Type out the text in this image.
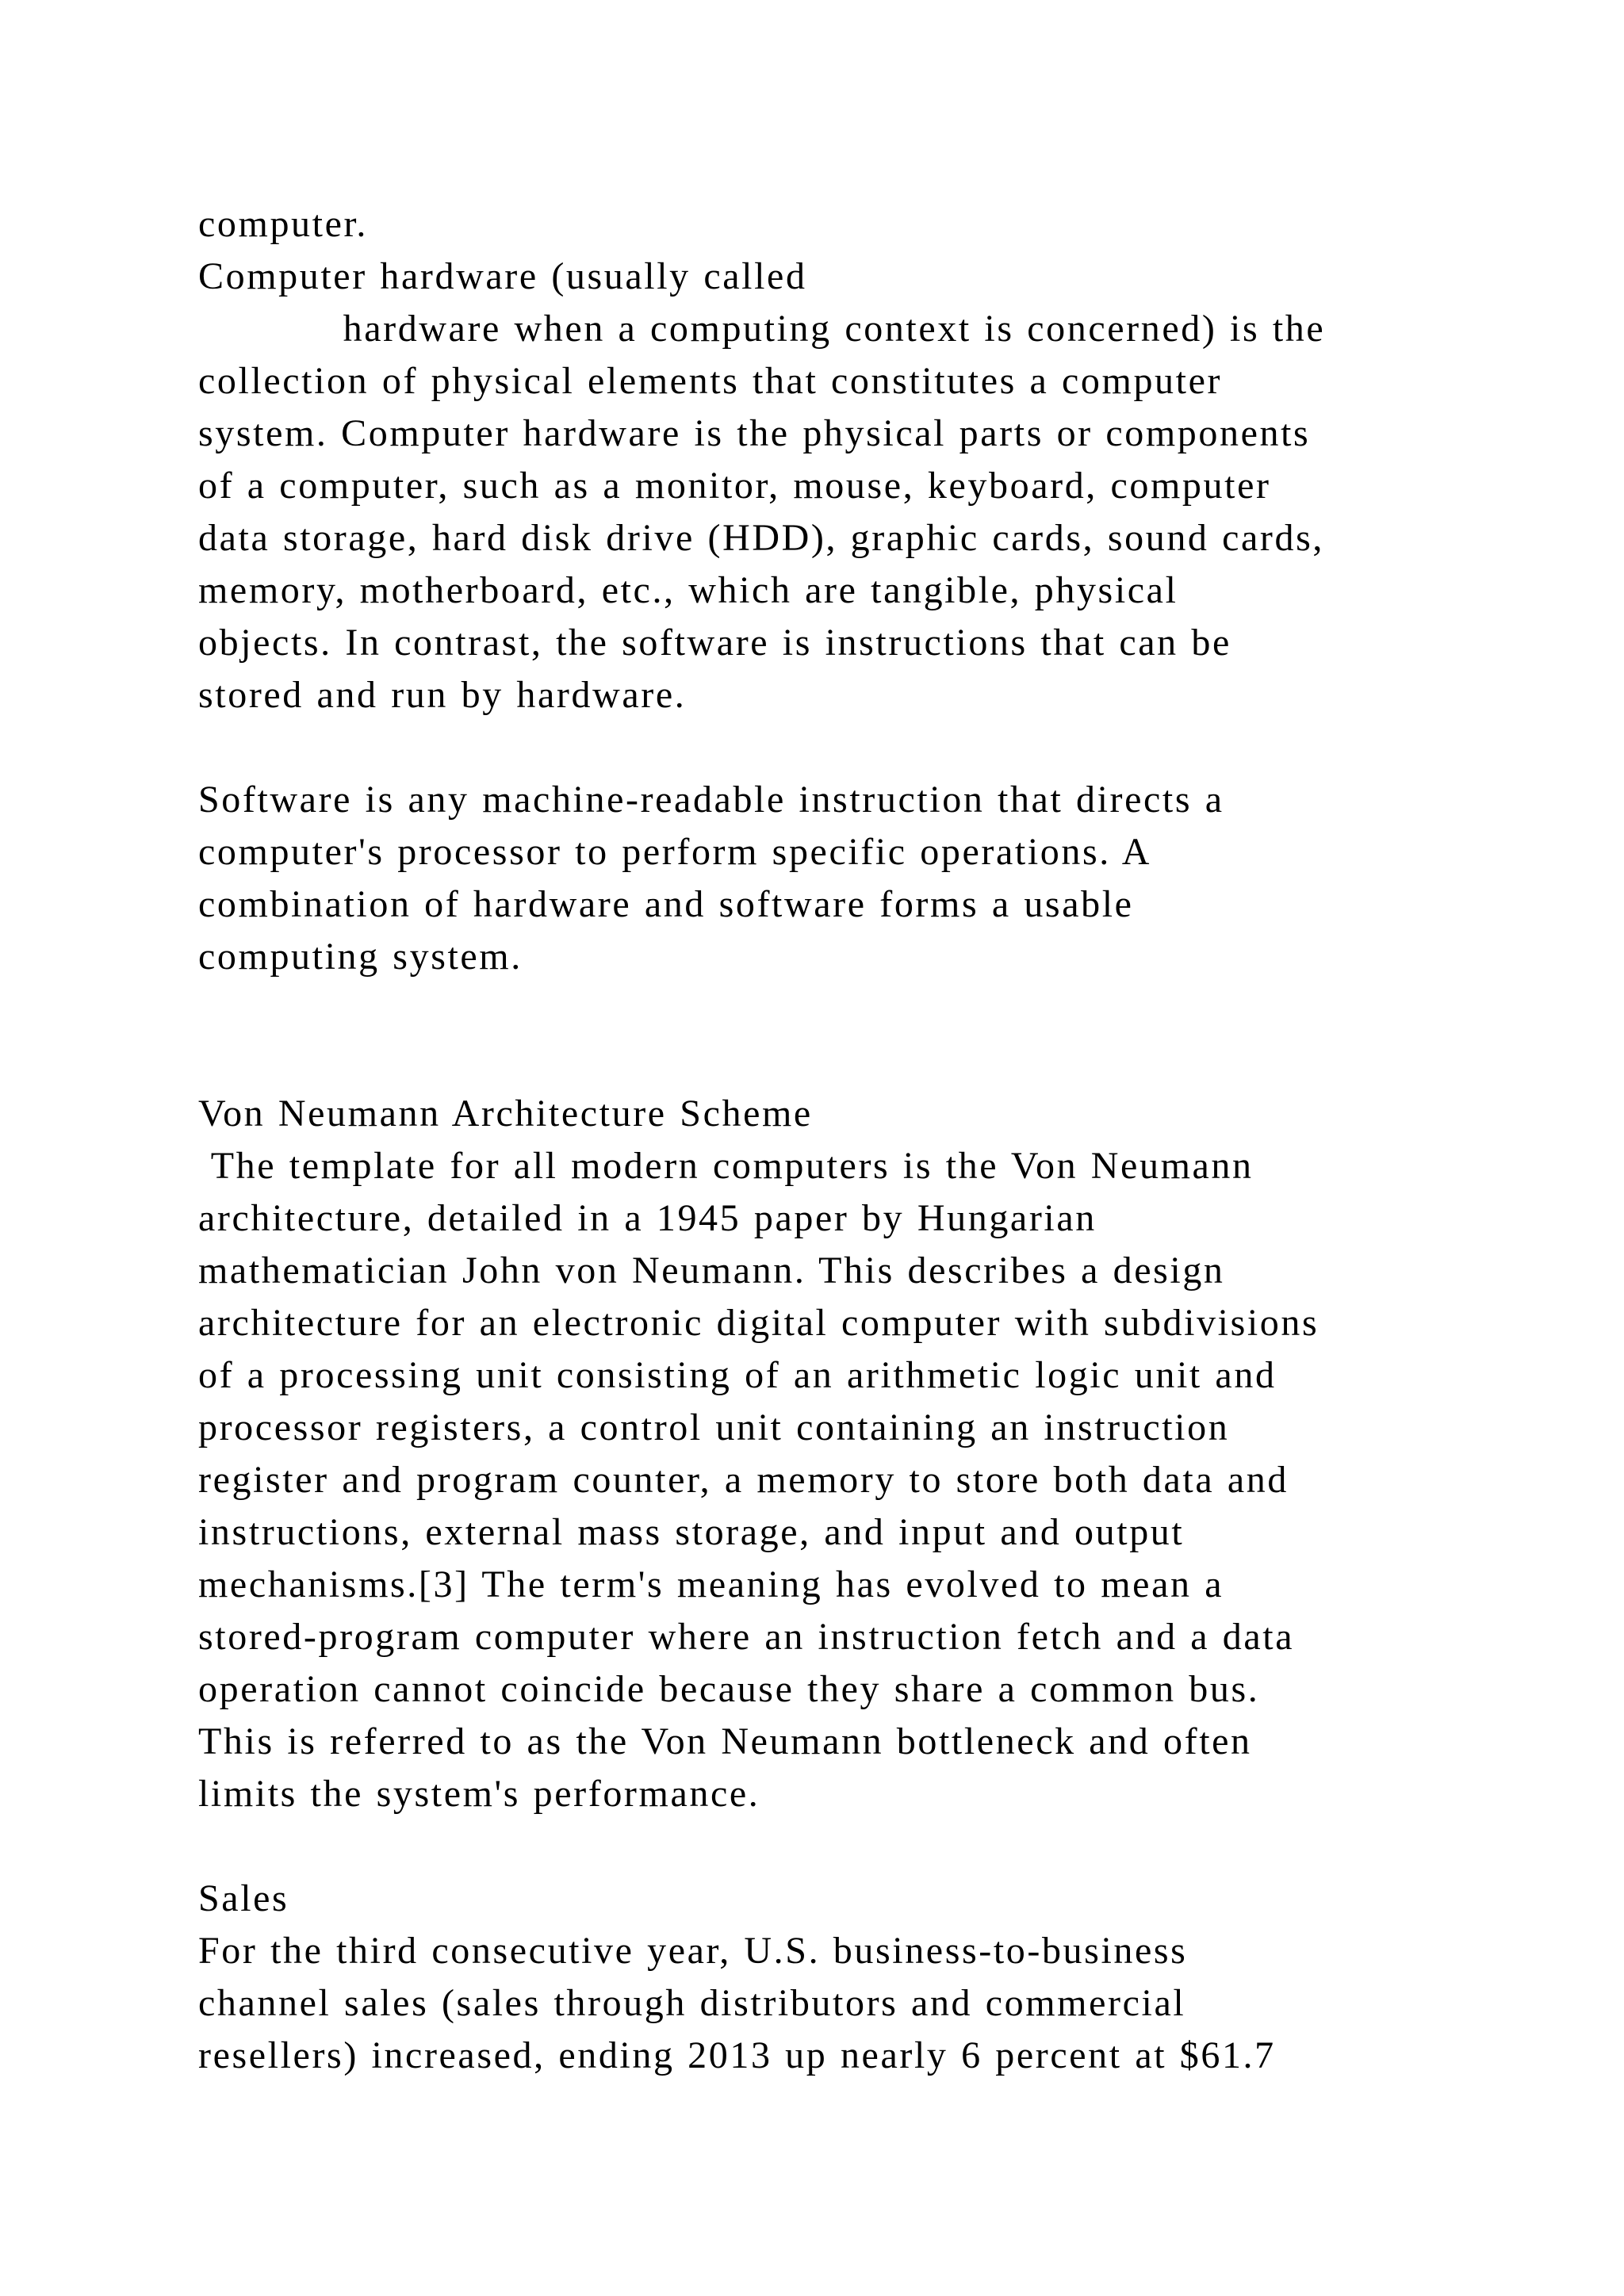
computer.
Computer hardware (usually called
hardware when a computing context is concerned) is the
collection of physical elements that constitutes a computer
system. Computer hardware is the physical parts or components
of a computer, such as a monitor, mouse, keyboard, computer
data storage, hard disk drive (HDD), graphic cards, sound cards,
memory, motherboard, etc., which are tangible, physical
objects. In contrast, the software is instructions that can be
stored and run by hardware.
Software is any machine-readable instruction that directs a
computer's processor to perform specific operations. A
combination of hardware and software forms a usable
computing system.
Von Neumann Architecture Scheme
The template for all modern computers is the Von Neumann
architecture, detailed in a 1945 paper by Hungarian
mathematician John von Neumann. This describes a design
architecture for an electronic digital computer with subdivisions
of a processing unit consisting of an arithmetic logic unit and
processor registers, a control unit containing an instruction
register and program counter, a memory to store both data and
instructions, external mass storage, and input and output
mechanisms.[3] The term's meaning has evolved to mean a
stored-program computer where an instruction fetch and a data
operation cannot coincide because they share a common bus.
This is referred to as the Von Neumann bottleneck and often
limits the system's performance.
Sales
For the third consecutive year, U.S. business-to-business
channel sales (sales through distributors and commercial
resellers) increased, ending 2013 up nearly 6 percent at $61.7
